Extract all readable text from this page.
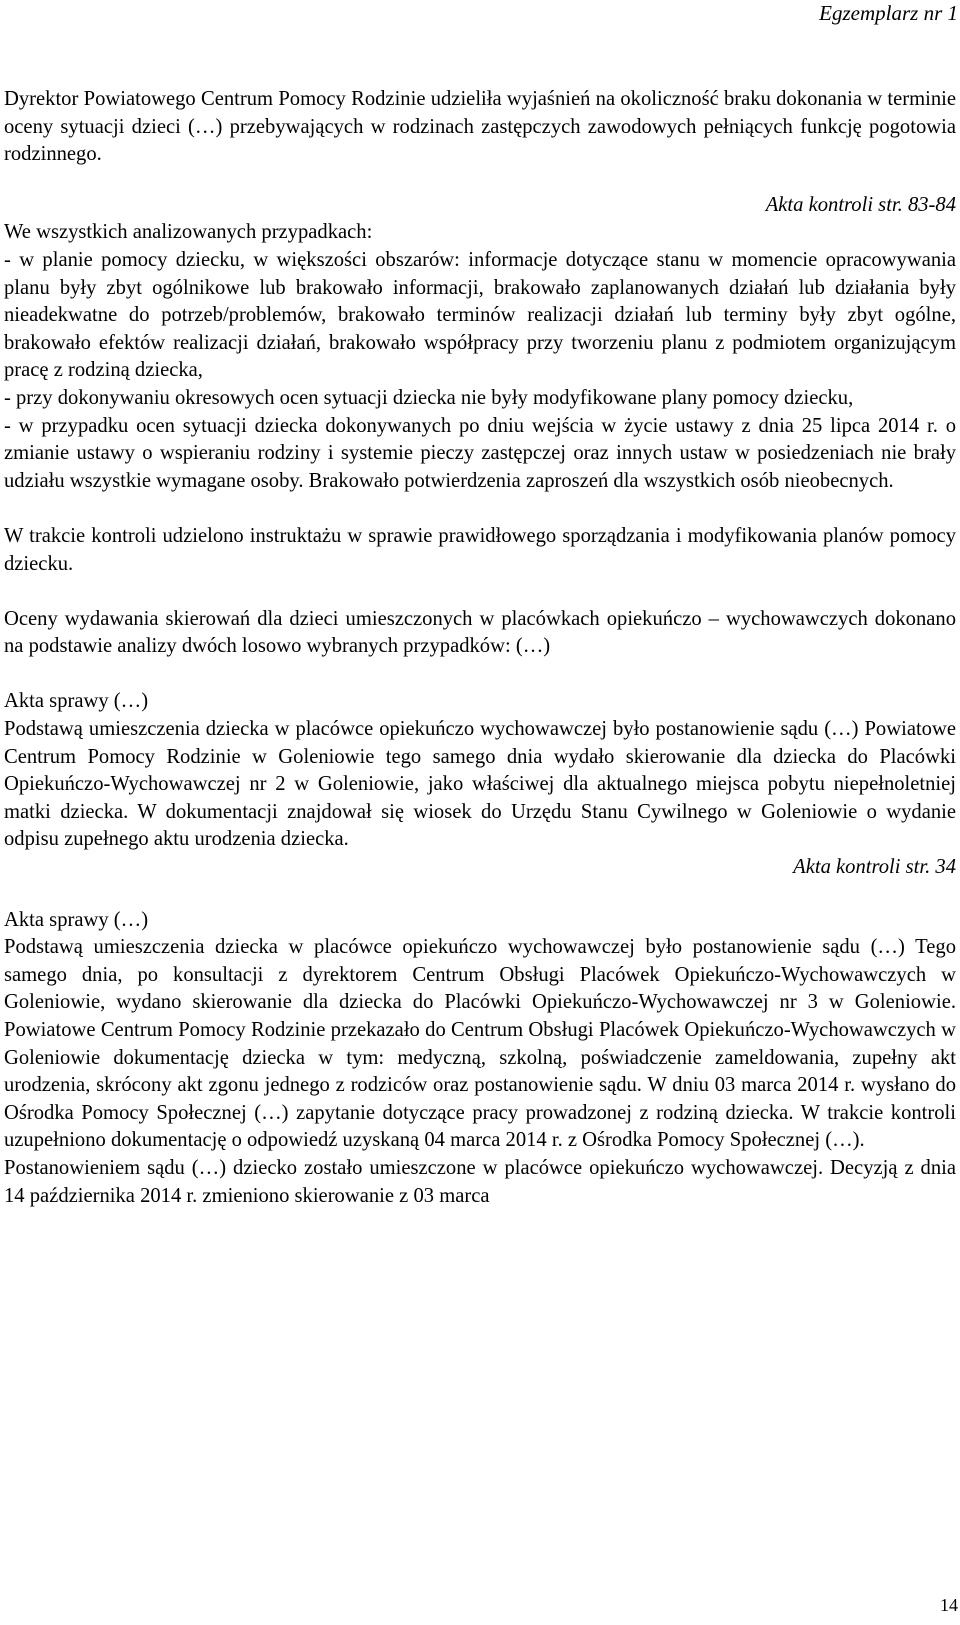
Egzemplarz nr 1

Dyrektor Powiatowego Centrum Pomocy Rodzinie udzieliła wyjaśnień na okoliczność braku dokonania w terminie oceny sytuacji dzieci (…) przebywających w rodzinach zastępczych zawodowych pełniących funkcję pogotowia rodzinnego.

Akta kontroli str. 83-84

We wszystkich analizowanych przypadkach:

- w planie pomocy dziecku, w większości obszarów: informacje dotyczące stanu w momencie opracowywania planu były zbyt ogólnikowe lub brakowało informacji, brakowało zaplanowanych działań lub działania były nieadekwatne do potrzeb/problemów, brakowało terminów realizacji działań lub terminy były zbyt ogólne, brakowało efektów realizacji działań, brakowało współpracy przy tworzeniu planu z podmiotem organizującym pracę z rodziną dziecka,

- przy dokonywaniu okresowych ocen sytuacji dziecka nie były modyfikowane plany pomocy dziecku,

- w przypadku ocen sytuacji dziecka dokonywanych po dniu wejścia w życie ustawy z dnia 25 lipca 2014 r. o zmianie ustawy o wspieraniu rodziny i systemie pieczy zastępczej oraz innych ustaw w posiedzeniach nie brały udziału wszystkie wymagane osoby. Brakowało potwierdzenia zaproszeń dla wszystkich osób nieobecnych.

W trakcie kontroli udzielono instruktażu w sprawie prawidłowego sporządzania i modyfikowania planów pomocy dziecku.

Oceny wydawania skierowań dla dzieci umieszczonych w placówkach opiekuńczo – wychowawczych dokonano na podstawie analizy dwóch losowo wybranych przypadków: (…)

Akta sprawy (…)

Podstawą umieszczenia dziecka w placówce opiekuńczo wychowawczej było postanowienie sądu (…) Powiatowe Centrum Pomocy Rodzinie w Goleniowie tego samego dnia wydało skierowanie dla dziecka do Placówki Opiekuńczo-Wychowawczej nr 2 w Goleniowie, jako właściwej dla aktualnego miejsca pobytu niepełnoletniej matki dziecka. W dokumentacji znajdował się wiosek do Urzędu Stanu Cywilnego w Goleniowie o wydanie odpisu zupełnego aktu urodzenia dziecka.

Akta kontroli str. 34

Akta sprawy (…)

Podstawą umieszczenia dziecka w placówce opiekuńczo wychowawczej było postanowienie sądu (…) Tego samego dnia, po konsultacji z dyrektorem Centrum Obsługi Placówek Opiekuńczo-Wychowawczych w Goleniowie, wydano skierowanie dla dziecka do Placówki Opiekuńczo-Wychowawczej nr 3 w Goleniowie. Powiatowe Centrum Pomocy Rodzinie przekazało do Centrum Obsługi Placówek Opiekuńczo-Wychowawczych w Goleniowie dokumentację dziecka w tym: medyczną, szkolną, poświadczenie zameldowania, zupełny akt urodzenia, skrócony akt zgonu jednego z rodziców oraz postanowienie sądu. W dniu 03 marca 2014 r. wysłano do Ośrodka Pomocy Społecznej (…) zapytanie dotyczące pracy prowadzonej z rodziną dziecka. W trakcie kontroli uzupełniono dokumentację o odpowiedź uzyskaną 04 marca 2014 r. z Ośrodka Pomocy Społecznej (…).

Postanowieniem sądu (…) dziecko zostało umieszczone w placówce opiekuńczo wychowawczej. Decyzją z dnia 14 października 2014 r. zmieniono skierowanie z 03 marca

14
